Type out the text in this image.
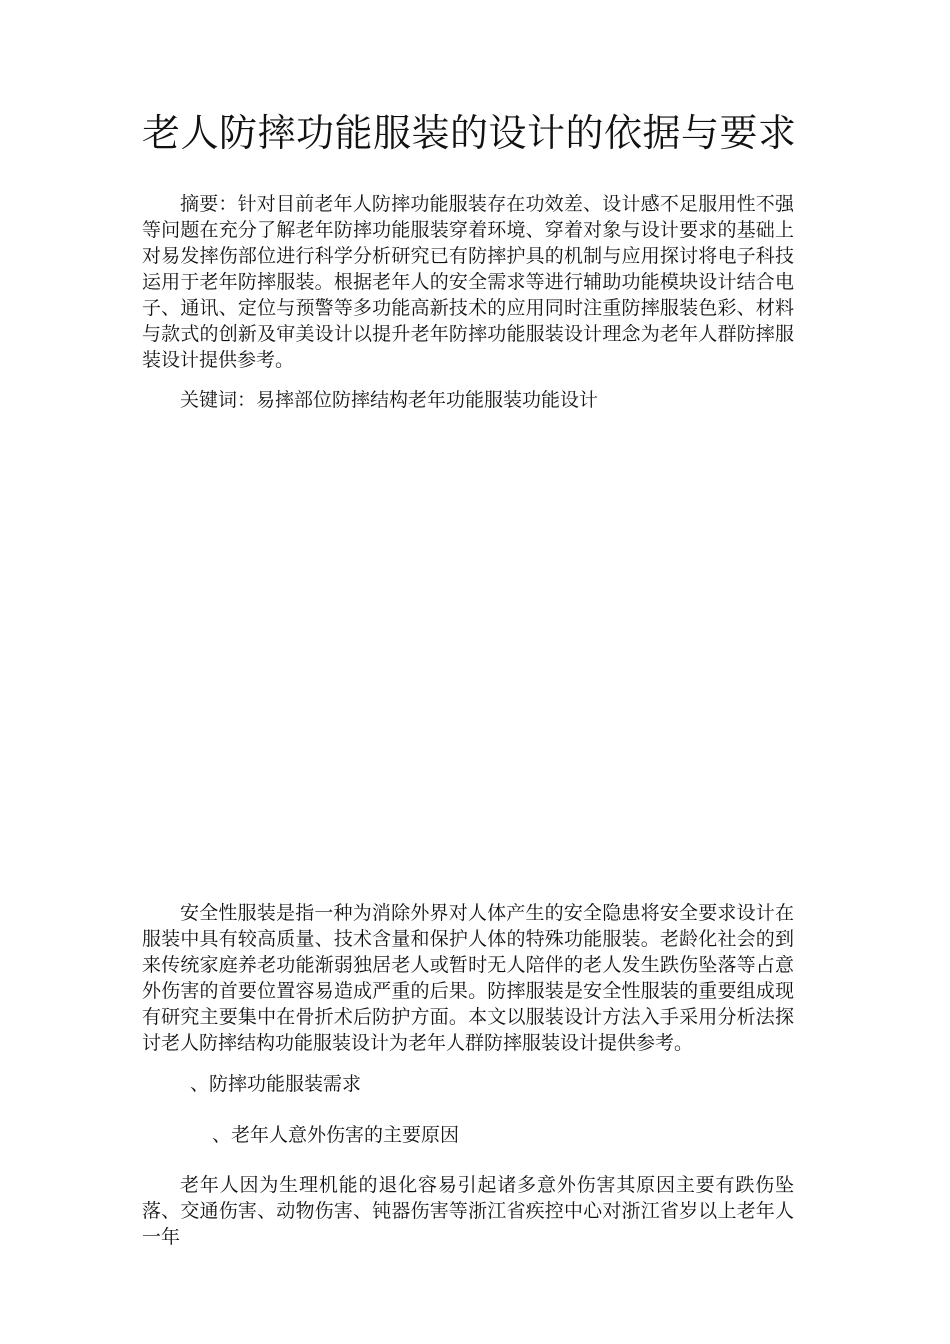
老人防摔功能服装的设计的依据与要求

摘要：针对目前老年人防摔功能服装存在功效差、设计感不足服用性不强等问题在充分了解老年防摔功能服装穿着环境、穿着对象与设计要求的基础上对易发摔伤部位进行科学分析研究已有防摔护具的机制与应用探讨将电子科技运用于老年防摔服装。根据老年人的安全需求等进行辅助功能模块设计结合电子、通讯、定位与预警等多功能高新技术的应用同时注重防摔服装色彩、材料与款式的创新及审美设计以提升老年防摔功能服装设计理念为老年人群防摔服装设计提供参考。

关键词：易摔部位防摔结构老年功能服装功能设计

安全性服装是指一种为消除外界对人体产生的安全隐患将安全要求设计在服装中具有较高质量、技术含量和保护人体的特殊功能服装。老龄化社会的到来传统家庭养老功能渐弱独居老人或暂时无人陪伴的老人发生跌伤坠落等占意外伤害的首要位置容易造成严重的后果。防摔服装是安全性服装的重要组成现有研究主要集中在骨折术后防护方面。本文以服装设计方法入手采用分析法探讨老人防摔结构功能服装设计为老年人群防摔服装设计提供参考。

、防摔功能服装需求

、老年人意外伤害的主要原因

老年人因为生理机能的退化容易引起诸多意外伤害其原因主要有跌伤坠落、交通伤害、动物伤害、钝器伤害等浙江省疾控中心对浙江省岁以上老年人一年
